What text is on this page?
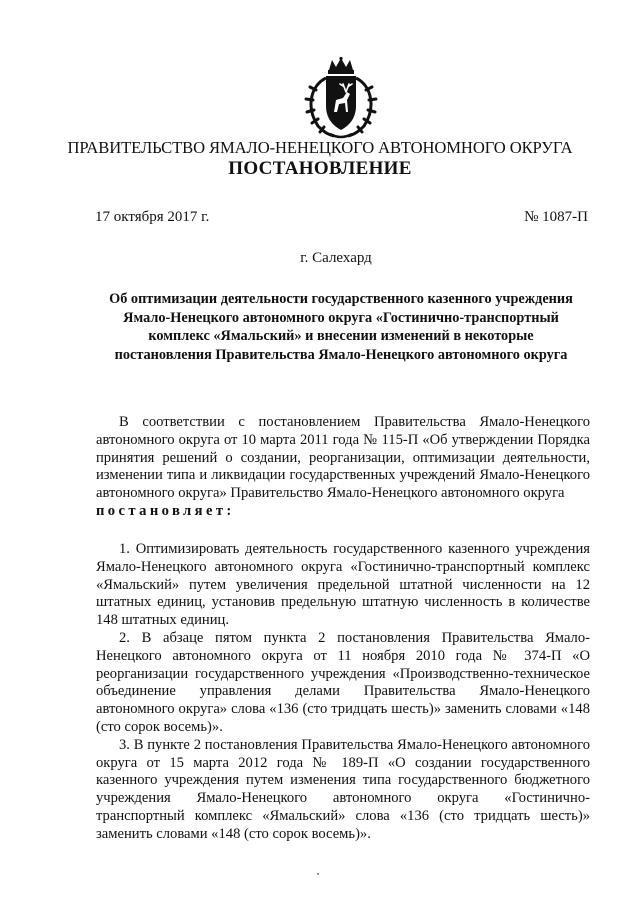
ПРАВИТЕЛЬСТВО ЯМАЛО-НЕНЕЦКОГО АВТОНОМНОГО ОКРУГА
ПОСТАНОВЛЕНИЕ
17 октября 2017 г.	№ 1087-П
г. Салехард
Об оптимизации деятельности государственного казенного учреждения Ямало-Ненецкого автономного округа «Гостинично-транспортный комплекс «Ямальский» и внесении изменений в некоторые постановления Правительства Ямало-Ненецкого автономного округа
В соответствии с постановлением Правительства Ямало-Ненецкого автономного округа от 10 марта 2011 года № 115-П «Об утверждении Порядка принятия решений о создании, реорганизации, оптимизации деятельности, изменении типа и ликвидации государственных учреждений Ямало-Ненецкого автономного округа» Правительство Ямало-Ненецкого автономного округа
постановляет:

1. Оптимизировать деятельность государственного казенного учреждения Ямало-Ненецкого автономного округа «Гостинично-транспортный комплекс «Ямальский» путем увеличения предельной штатной численности на 12 штатных единиц, установив предельную штатную численность в количестве 148 штатных единиц.

2. В абзаце пятом пункта 2 постановления Правительства Ямало-Ненецкого автономного округа от 11 ноября 2010 года № 374-П «О реорганизации государственного учреждения «Производственно-техническое объединение управления делами Правительства Ямало-Ненецкого автономного округа» слова «136 (сто тридцать шесть)» заменить словами «148 (сто сорок восемь)».

3. В пункте 2 постановления Правительства Ямало-Ненецкого автономного округа от 15 марта 2012 года № 189-П «О создании государственного казенного учреждения путем изменения типа государственного бюджетного учреждения Ямало-Ненецкого автономного округа «Гостинично-транспортный комплекс «Ямальский» слова «136 (сто тридцать шесть)» заменить словами «148 (сто сорок восемь)».
